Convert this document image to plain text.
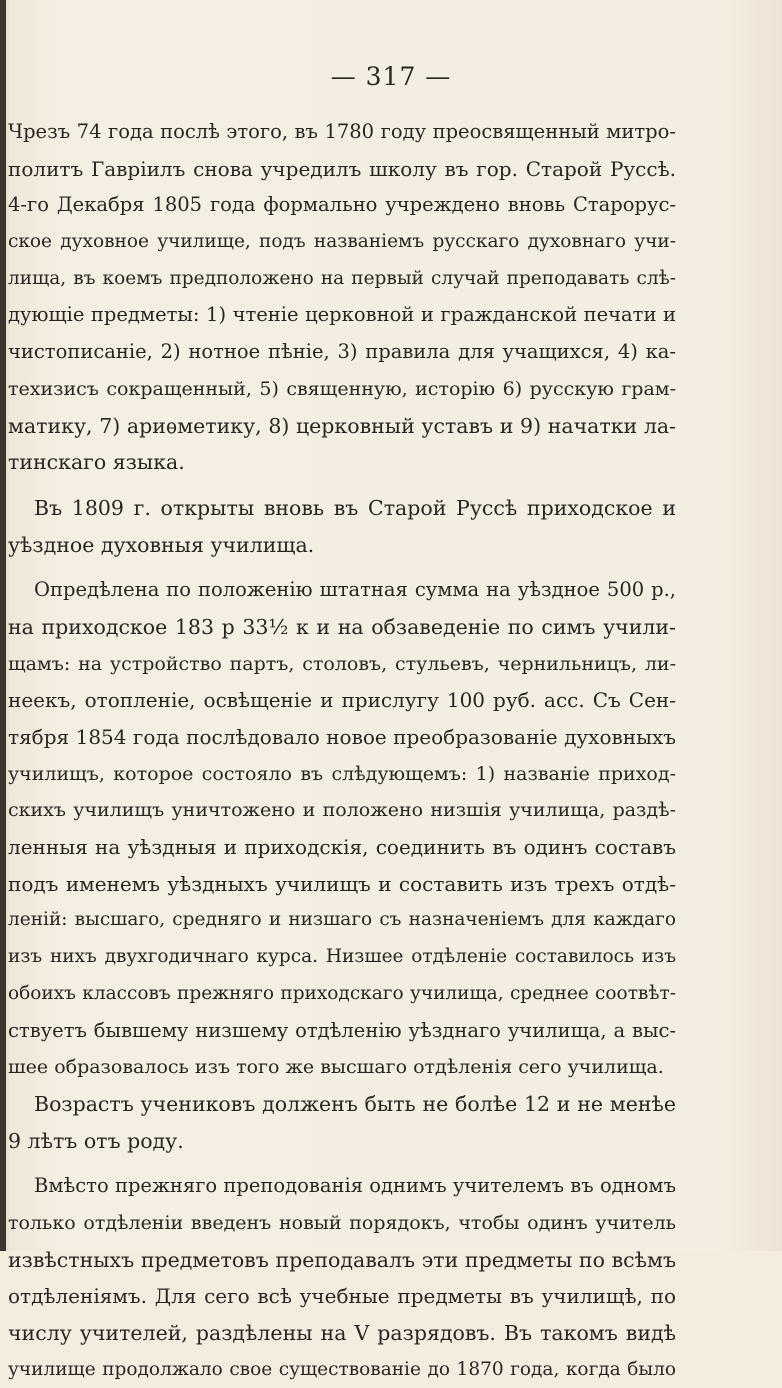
— 317 —
Чрезъ 74 года послѣ этого, въ 1780 году преосвященный митро-
политъ Гавріилъ снова учредилъ школу въ гор. Старой Руссѣ.
4-го Декабря 1805 года формально учреждено вновь Старорус-
ское духовное училище, подъ названіемъ русскаго духовнаго учи-
лища, въ коемъ предположено на первый случай преподавать слѣ-
дующіе предметы: 1) чтеніе церковной и гражданской печати и
чистописаніе, 2) нотное пѣніе, 3) правила для учащихся, 4) ка-
техизисъ сокращенный, 5) священную, исторію 6) русскую грам-
матику, 7) ариѳметику, 8) церковный уставъ и 9) начатки ла-
тинскаго языка.
Въ 1809 г. открыты вновь въ Старой Руссѣ приходское и
уѣздное духовныя училища.
Опредѣлена по положенію штатная сумма на уѣздное 500 р.,
на приходское 183 р 33½ к и на обзаведеніе по симъ учили-
щамъ: на устройство партъ, столовъ, стульевъ, чернильницъ, ли-
неекъ, отопленіе, освѣщеніе и прислугу 100 руб. асс. Съ Сен-
тября 1854 года послѣдовало новое преобразованіе духовныхъ
училищъ, которое состояло въ слѣдующемъ: 1) названіе приход-
скихъ училищъ уничтожено и положено низшія училища, раздѣ-
ленныя на уѣздныя и приходскія, соединить въ одинъ составъ
подъ именемъ уѣздныхъ училищъ и составить изъ трехъ отдѣ-
леній: высшаго, средняго и низшаго съ назначеніемъ для каждаго
изъ нихъ двухгодичнаго курса. Низшее отдѣленіе составилось изъ
обоихъ классовъ прежняго приходскаго училища, среднее соотвѣт-
ствуетъ бывшему низшему отдѣленію уѣзднаго училища, а выс-
шее образовалось изъ того же высшаго отдѣленія сего училища.
Возрастъ учениковъ долженъ быть не болѣе 12 и не менѣе
9 лѣтъ отъ роду.
Вмѣсто прежняго преподованія однимъ учителемъ въ одномъ
только отдѣленіи введенъ новый порядокъ, чтобы одинъ учитель
извѣстныхъ предметовъ преподавалъ эти предметы по всѣмъ
отдѣленіямъ. Для сего всѣ учебные предметы въ училищѣ, по
числу учителей, раздѣлены на V разрядовъ. Въ такомъ видѣ
училище продолжало свое существованіе до 1870 года, когда было
